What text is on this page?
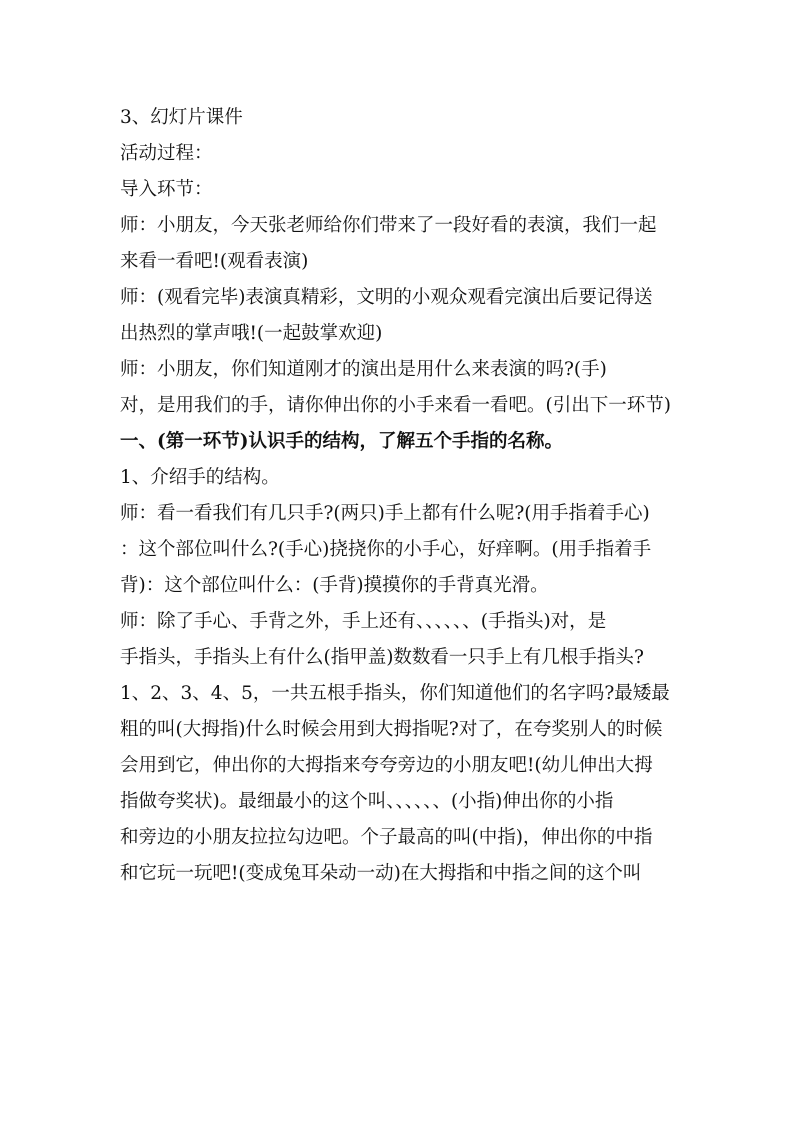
3、幻灯片课件
活动过程：
导入环节：
师：小朋友，今天张老师给你们带来了一段好看的表演，我们一起
来看一看吧!(观看表演)
师：(观看完毕)表演真精彩，文明的小观众观看完演出后要记得送
出热烈的掌声哦!(一起鼓掌欢迎)
师：小朋友，你们知道刚才的演出是用什么来表演的吗?(手)
对，是用我们的手，请你伸出你的小手来看一看吧。(引出下一环节)
一、(第一环节)认识手的结构，了解五个手指的名称。
1、介绍手的结构。
师：看一看我们有几只手?(两只)手上都有什么呢?(用手指着手心)
：这个部位叫什么?(手心)挠挠你的小手心，好痒啊。(用手指着手
背)：这个部位叫什么：(手背)摸摸你的手背真光滑。
师：除了手心、手背之外，手上还有、、、、、、(手指头)对，是
手指头，手指头上有什么(指甲盖)数数看一只手上有几根手指头?
1、2、3、4、5，一共五根手指头，你们知道他们的名字吗?最矮最
粗的叫(大拇指)什么时候会用到大拇指呢?对了，在夸奖别人的时候
会用到它，伸出你的大拇指来夸夸旁边的小朋友吧!(幼儿伸出大拇
指做夸奖状)。最细最小的这个叫、、、、、、(小指)伸出你的小指
和旁边的小朋友拉拉勾边吧。个子最高的叫(中指)，伸出你的中指
和它玩一玩吧!(变成兔耳朵动一动)在大拇指和中指之间的这个叫
